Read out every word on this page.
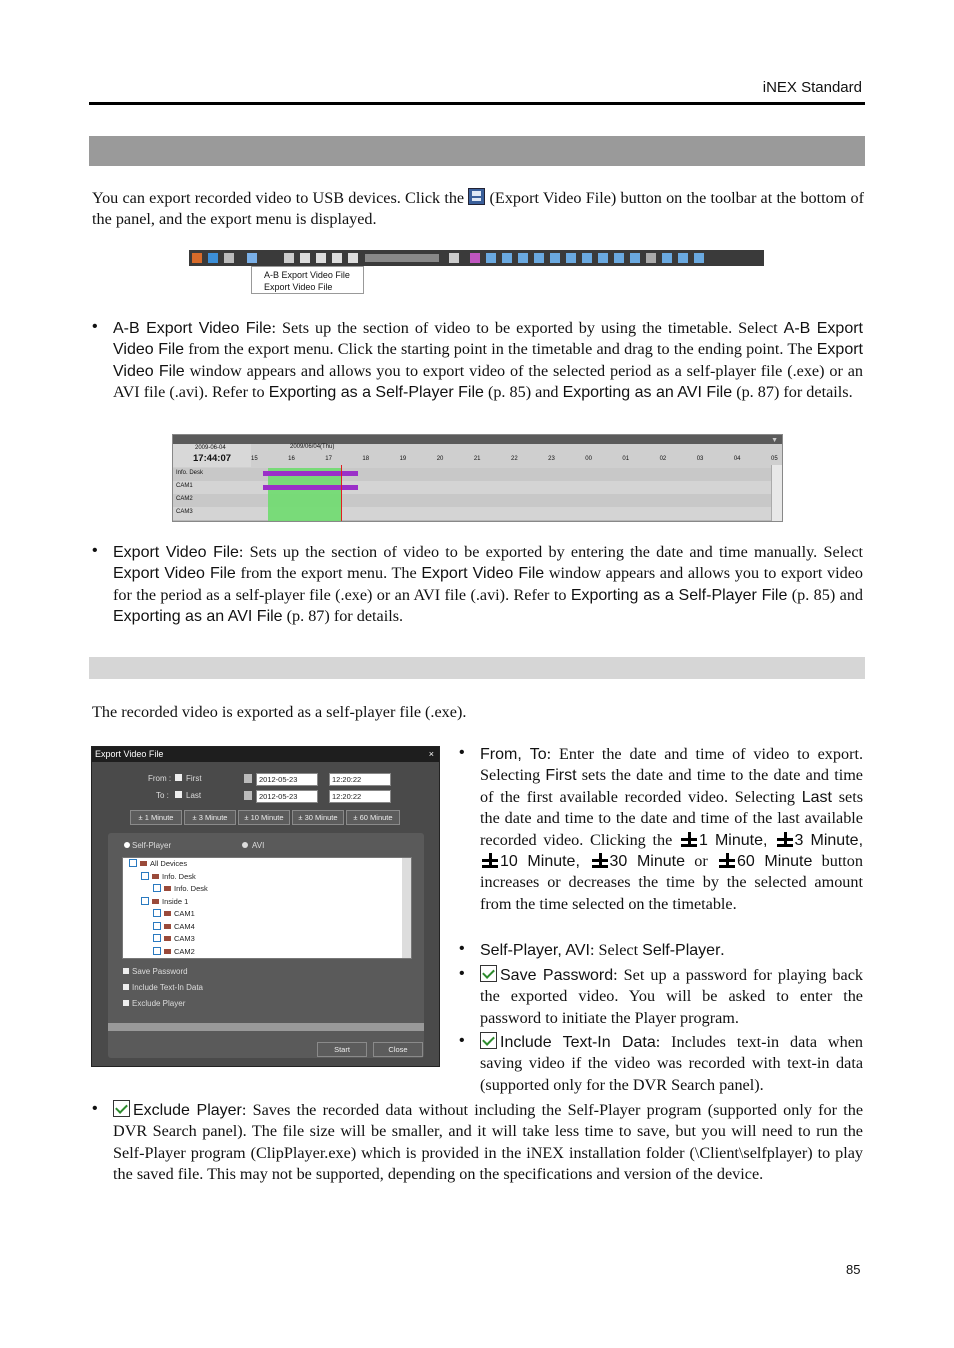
iNEX Standard
You can export recorded video to USB devices. Click the (Export Video File) button on the toolbar at the bottom of the panel, and the export menu is displayed.
A-B Export Video File
Export Video File
• A-B Export Video File: Sets up the section of video to be exported by using the timetable. Select A-B Export Video File from the export menu. Click the starting point in the timetable and drag to the ending point. The Export Video File window appears and allows you to export video of the selected period as a self-player file (.exe) or an AVI file (.avi). Refer to Exporting as a Self-Player File (p. 85) and Exporting as an AVI File (p. 87) for details.
▼
2009-06-04
17:44:07
2009/06/04(Thu)
15	16	17	18	19	20	21	22	23	00	01	02	03	04	05
Info. Desk
CAM1
CAM2
CAM3
• Export Video File: Sets up the section of video to be exported by entering the date and time manually. Select Export Video File from the export menu. The Export Video File window appears and allows you to export video for the period as a self-player file (.exe) or an AVI file (.avi). Refer to Exporting as a Self-Player File (p. 85) and Exporting as an AVI File (p. 87) for details.
The recorded video is exported as a self-player file (.exe).
Export Video File	×
From : First	2012-05-23	12:20:22
To : Last	2012-05-23	12:20:22
± 1 Minute	± 3 Minute	± 10 Minute	± 30 Minute	± 60 Minute
Self-Player	AVI
All Devices
Info. Desk
Info. Desk
Inside 1
CAM1
CAM4
CAM3
CAM2
Save Password
Include Text-In Data
Exclude Player
Start	Close
• From, To: Enter the date and time of video to export. Selecting First sets the date and time to the date and time of the first available recorded video. Selecting Last sets the date and time to the date and time of the last available recorded video. Clicking the 1 Minute, 3 Minute, 10 Minute, 30 Minute or 60 Minute button increases or decreases the time by the selected amount from the time selected on the timetable.
• Self-Player, AVI: Select Self-Player.
•	Save Password: Set up a password for playing back the exported video. You will be asked to enter the password to initiate the Player program.
•	Include Text-In Data: Includes text-in data when saving video if the video was recorded with text-in data (supported only for the DVR Search panel).
•	Exclude Player: Saves the recorded data without including the Self-Player program (supported only for the DVR Search panel). The file size will be smaller, and it will take less time to save, but you will need to run the Self-Player program (ClipPlayer.exe) which is provided in the iNEX installation folder (\Client\selfplayer) to play the saved file. This may not be supported, depending on the specifications and version of the device.
85
